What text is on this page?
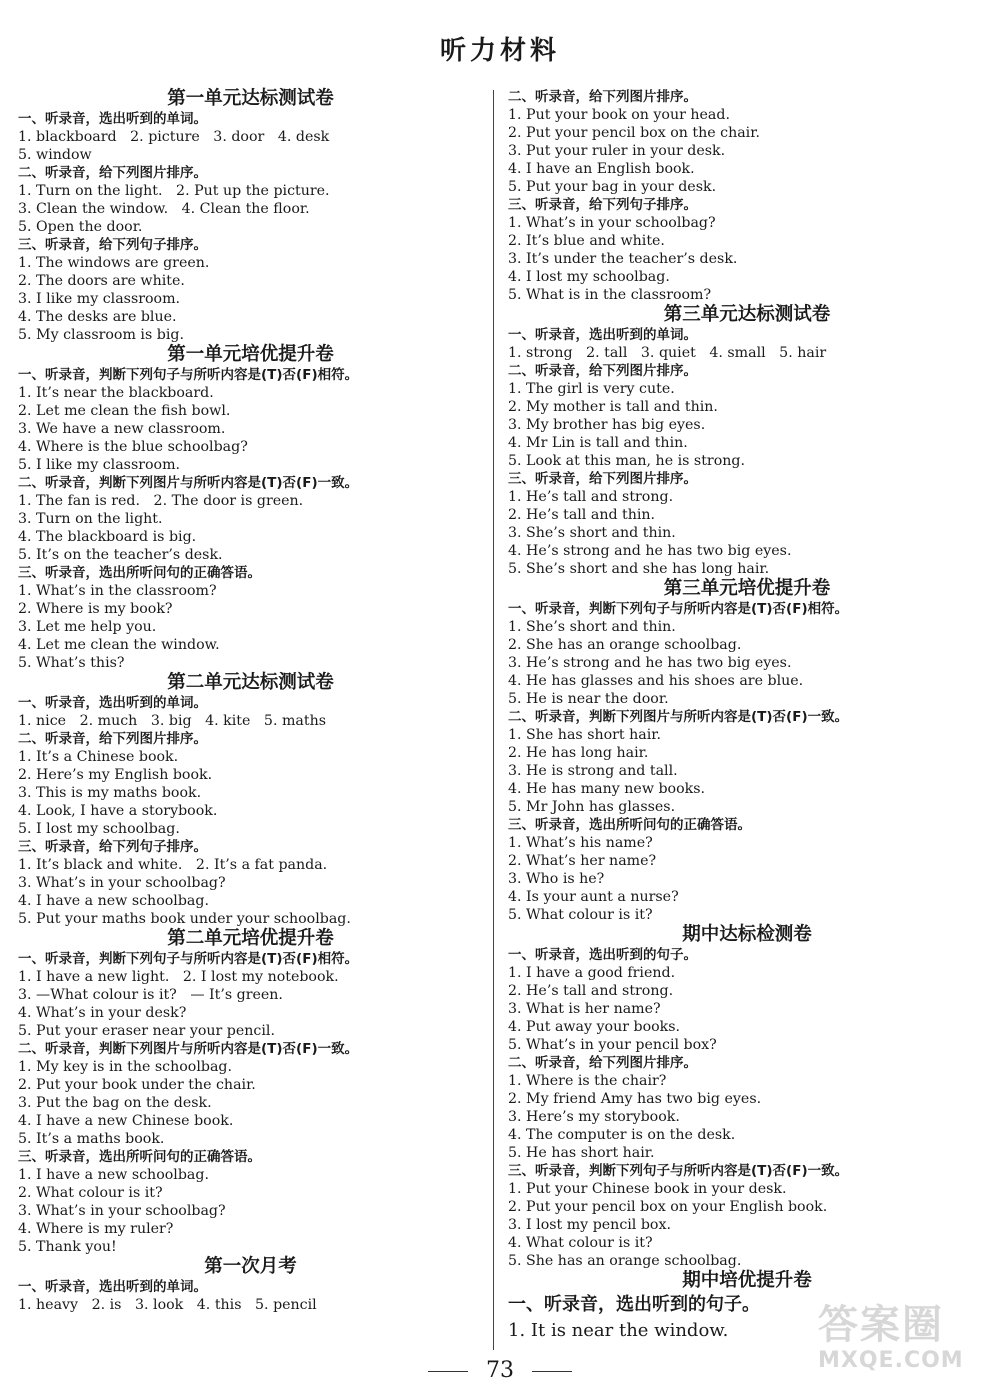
听力材料
第一单元达标测试卷
一、听录音，选出听到的单词。
1. blackboard   2. picture   3. door   4. desk
5. window
二、听录音，给下列图片排序。
1. Turn on the light.   2. Put up the picture.
3. Clean the window.   4. Clean the floor.
5. Open the door.
三、听录音，给下列句子排序。
1. The windows are green.
2. The doors are white.
3. I like my classroom.
4. The desks are blue.
5. My classroom is big.
第一单元培优提升卷
一、听录音，判断下列句子与所听内容是(T)否(F)相符。
1. It’s near the blackboard.
2. Let me clean the fish bowl.
3. We have a new classroom.
4. Where is the blue schoolbag?
5. I like my classroom.
二、听录音，判断下列图片与所听内容是(T)否(F)一致。
1. The fan is red.   2. The door is green.
3. Turn on the light.
4. The blackboard is big.
5. It’s on the teacher’s desk.
三、听录音，选出所听问句的正确答语。
1. What’s in the classroom?
2. Where is my book?
3. Let me help you.
4. Let me clean the window.
5. What’s this?
第二单元达标测试卷
一、听录音，选出听到的单词。
1. nice   2. much   3. big   4. kite   5. maths
二、听录音，给下列图片排序。
1. It’s a Chinese book.
2. Here’s my English book.
3. This is my maths book.
4. Look, I have a storybook.
5. I lost my schoolbag.
三、听录音，给下列句子排序。
1. It’s black and white.   2. It’s a fat panda.
3. What’s in your schoolbag?
4. I have a new schoolbag.
5. Put your maths book under your schoolbag.
第二单元培优提升卷
一、听录音，判断下列句子与所听内容是(T)否(F)相符。
1. I have a new light.   2. I lost my notebook.
3. —What colour is it?   — It’s green.
4. What’s in your desk?
5. Put your eraser near your pencil.
二、听录音，判断下列图片与所听内容是(T)否(F)一致。
1. My key is in the schoolbag.
2. Put your book under the chair.
3. Put the bag on the desk.
4. I have a new Chinese book.
5. It’s a maths book.
三、听录音，选出所听问句的正确答语。
1. I have a new schoolbag.
2. What colour is it?
3. What’s in your schoolbag?
4. Where is my ruler?
5. Thank you!
第一次月考
一、听录音，选出听到的单词。
1. heavy   2. is   3. look   4. this   5. pencil
二、听录音，给下列图片排序。
1. Put your book on your head.
2. Put your pencil box on the chair.
3. Put your ruler in your desk.
4. I have an English book.
5. Put your bag in your desk.
三、听录音，给下列句子排序。
1. What’s in your schoolbag?
2. It’s blue and white.
3. It’s under the teacher’s desk.
4. I lost my schoolbag.
5. What is in the classroom?
第三单元达标测试卷
一、听录音，选出听到的单词。
1. strong   2. tall   3. quiet   4. small   5. hair
二、听录音，给下列图片排序。
1. The girl is very cute.
2. My mother is tall and thin.
3. My brother has big eyes.
4. Mr Lin is tall and thin.
5. Look at this man, he is strong.
三、听录音，给下列图片排序。
1. He’s tall and strong.
2. He’s tall and thin.
3. She’s short and thin.
4. He’s strong and he has two big eyes.
5. She’s short and she has long hair.
第三单元培优提升卷
一、听录音，判断下列句子与所听内容是(T)否(F)相符。
1. She’s short and thin.
2. She has an orange schoolbag.
3. He’s strong and he has two big eyes.
4. He has glasses and his shoes are blue.
5. He is near the door.
二、听录音，判断下列图片与所听内容是(T)否(F)一致。
1. She has short hair.
2. He has long hair.
3. He is strong and tall.
4. He has many new books.
5. Mr John has glasses.
三、听录音，选出所听问句的正确答语。
1. What’s his name?
2. What’s her name?
3. Who is he?
4. Is your aunt a nurse?
5. What colour is it?
期中达标检测卷
一、听录音，选出听到的句子。
1. I have a good friend.
2. He’s tall and strong.
3. What is her name?
4. Put away your books.
5. What’s in your pencil box?
二、听录音，给下列图片排序。
1. Where is the chair?
2. My friend Amy has two big eyes.
3. Here’s my storybook.
4. The computer is on the desk.
5. He has short hair.
三、听录音，判断下列句子与所听内容是(T)否(F)一致。
1. Put your Chinese book in your desk.
2. Put your pencil box on your English book.
3. I lost my pencil box.
4. What colour is it?
5. She has an orange schoolbag.
期中培优提升卷
一、听录音，选出听到的句子。
1. It is near the window.
73
答案圈
MXQE.COM
